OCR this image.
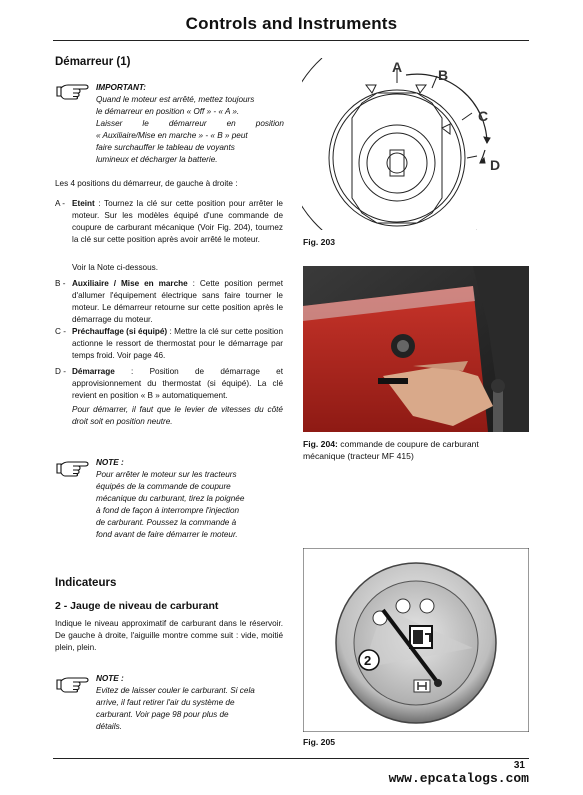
Controls and Instruments
Démarreur (1)
IMPORTANT:
Quand le moteur est arrêté, mettez toujours
le démarreur en position « Off » - « A ».
Laisser le démarreur en position
« Auxiliaire/Mise en marche » - « B » peut
faire surchauffer le tableau de voyants
lumineux et décharger la batterie.
Les 4 positions du démarreur, de gauche à droite :
A - Eteint : Tournez la clé sur cette position pour arrêter le moteur. Sur les modèles équipé d'une commande de coupure de carburant mécanique (Voir Fig. 204), tournez la clé sur cette position après avoir arrêté le moteur.
Voir la Note ci-dessous.
B - Auxiliaire / Mise en marche : Cette position permet d'allumer l'équipement électrique sans faire tourner le moteur. Le démarreur retourne sur cette position après le démarrage du moteur.
C - Préchauffage (si équipé) : Mettre la clé sur cette position actionne le ressort de thermostat pour le démarrage par temps froid. Voir page 46.
D - Démarrage : Position de démarrage et approvisionnement du thermostat (si équipé). La clé revient en position « B » automatiquement.
Pour démarrer, il faut que le levier de vitesses du côté droit soit en position neutre.
NOTE :
Pour arrêter le moteur sur les tracteurs
équipés de la commande de coupure
mécanique du carburant, tirez la poignée
à fond de façon à interrompre l'injection
de carburant. Poussez la commande à
fond avant de faire démarrer le moteur.
Indicateurs
2 - Jauge de niveau de carburant
Indique le niveau approximatif de carburant dans le réservoir. De gauche à droite, l'aiguille montre comme suit : vide, moitié plein, plein.
NOTE :
Evitez de laisser couler le carburant. Si cela
arrive, il faut retirer l'air du système de
carburant. Voir page 98 pour plus de
détails.
A	B
C
D
Fig. 203
Fig. 204: commande de coupure de carburant
mécanique (tracteur MF 415)
2
Fig. 205
31
www.epcatalogs.com
